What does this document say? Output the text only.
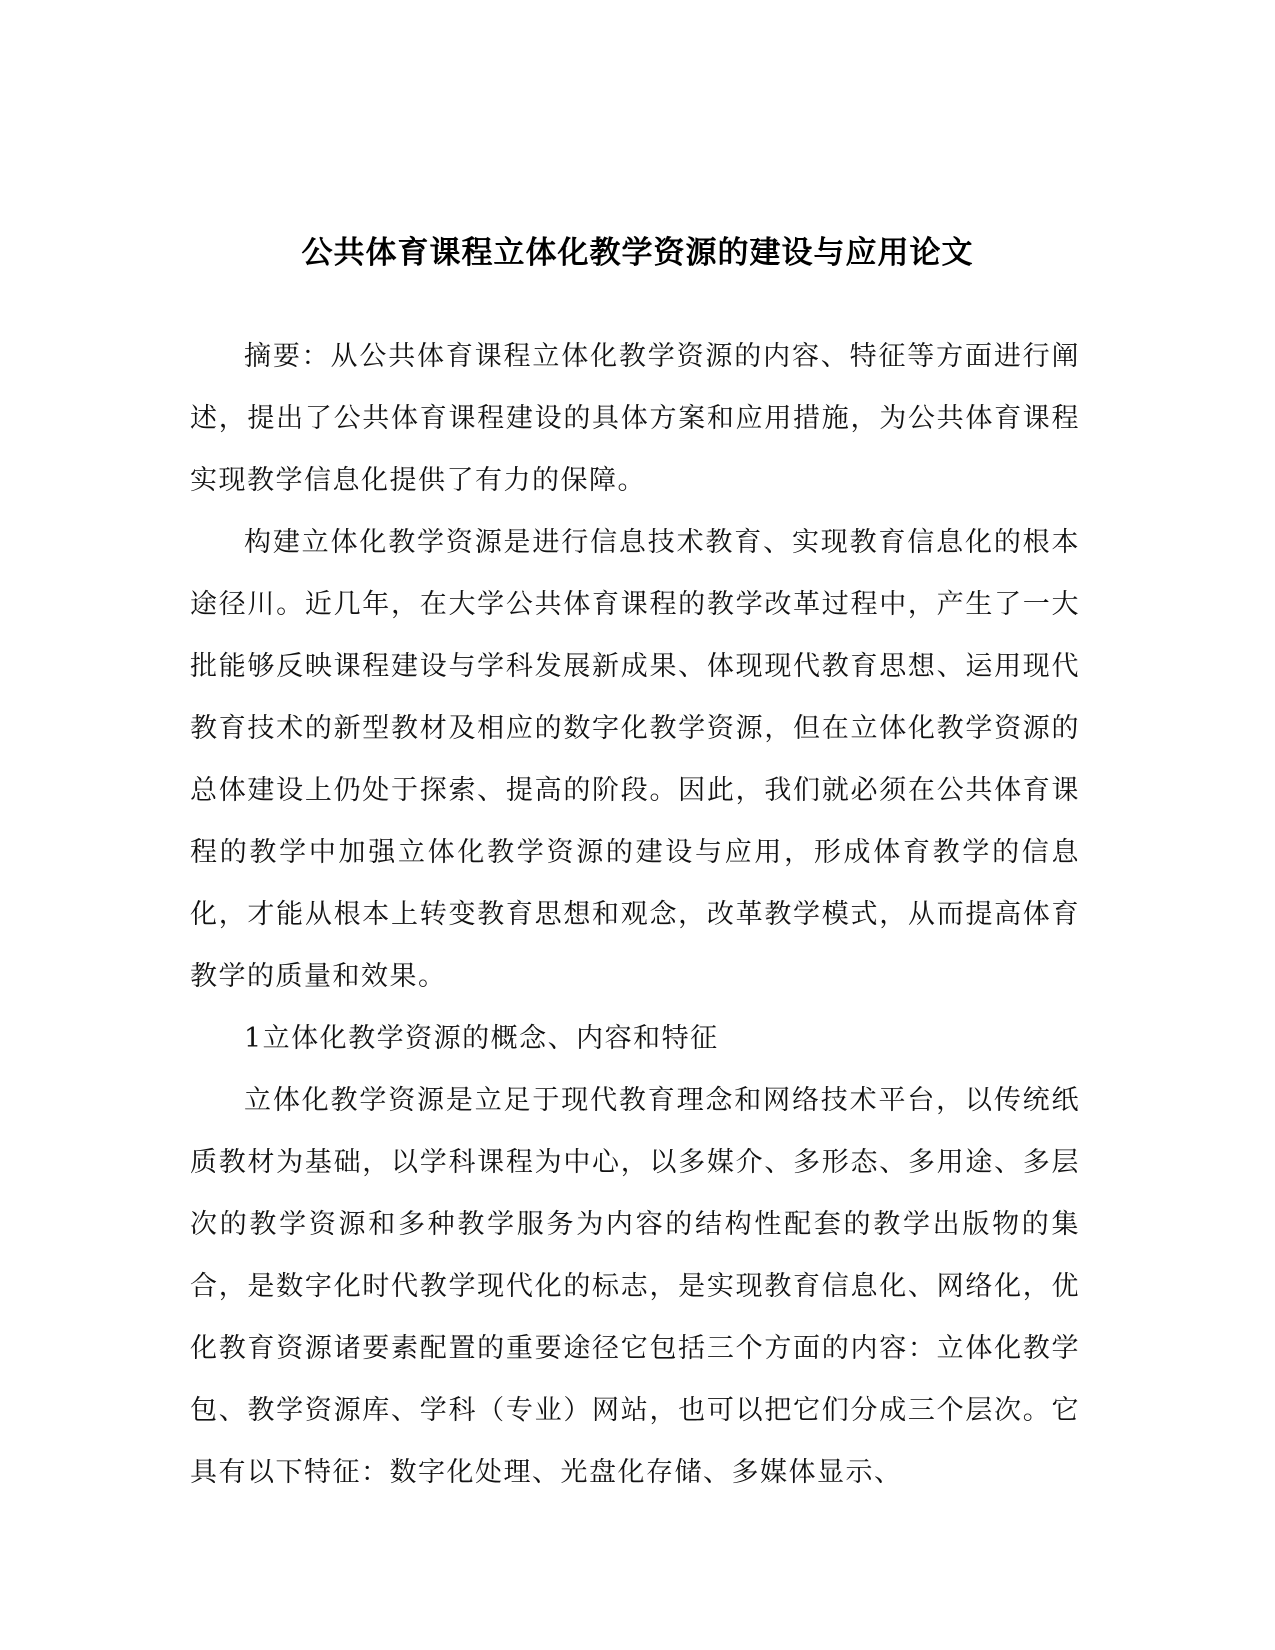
公共体育课程立体化教学资源的建设与应用论文

摘要：从公共体育课程立体化教学资源的内容、特征等方面进行阐述，提出了公共体育课程建设的具体方案和应用措施，为公共体育课程实现教学信息化提供了有力的保障。

构建立体化教学资源是进行信息技术教育、实现教育信息化的根本途径川。近几年，在大学公共体育课程的教学改革过程中，产生了一大批能够反映课程建设与学科发展新成果、体现现代教育思想、运用现代教育技术的新型教材及相应的数字化教学资源，但在立体化教学资源的总体建设上仍处于探索、提高的阶段。因此，我们就必须在公共体育课程的教学中加强立体化教学资源的建设与应用，形成体育教学的信息化，才能从根本上转变教育思想和观念，改革教学模式，从而提高体育教学的质量和效果。

1立体化教学资源的概念、内容和特征

立体化教学资源是立足于现代教育理念和网络技术平台，以传统纸质教材为基础，以学科课程为中心，以多媒介、多形态、多用途、多层次的教学资源和多种教学服务为内容的结构性配套的教学出版物的集合，是数字化时代教学现代化的标志，是实现教育信息化、网络化，优化教育资源诸要素配置的重要途径它包括三个方面的内容：立体化教学包、教学资源库、学科（专业）网站，也可以把它们分成三个层次。它具有以下特征：数字化处理、光盘化存储、多媒体显示、
